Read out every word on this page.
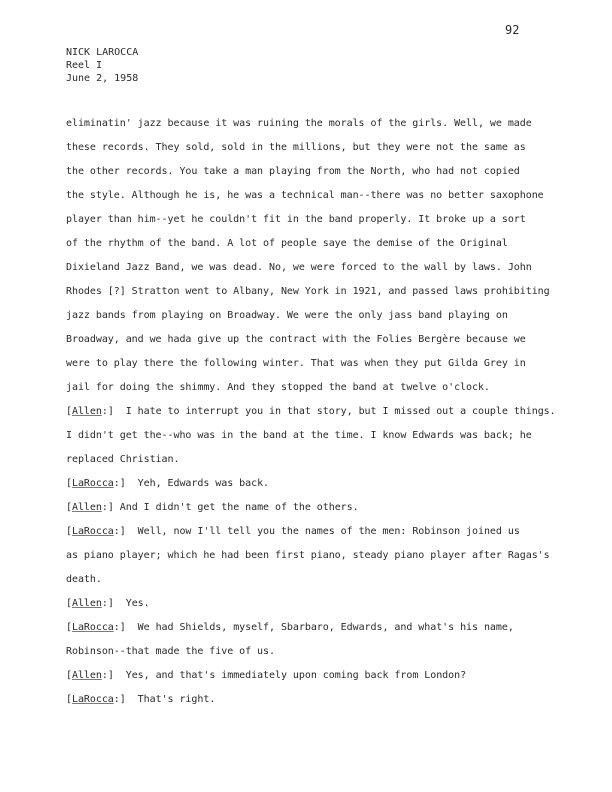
92
NICK LAROCCA
Reel I
June 2, 1958
eliminatin' jazz because it was ruining the morals of the girls. Well, we made
these records. They sold, sold in the millions, but they were not the same as
the other records. You take a man playing from the North, who had not copied
the style. Although he is, he was a technical man--there was no better saxophone
player than him--yet he couldn't fit in the band properly. It broke up a sort
of the rhythm of the band. A lot of people saye the demise of the Original
Dixieland Jazz Band, we was dead. No, we were forced to the wall by laws. John
Rhodes [?] Stratton went to Albany, New York in 1921, and passed laws prohibiting
jazz bands from playing on Broadway. We were the only jass band playing on
Broadway, and we hada give up the contract with the Folies Bergère because we
were to play there the following winter. That was when they put Gilda Grey in
jail for doing the shimmy. And they stopped the band at twelve o'clock.
[Allen:]  I hate to interrupt you in that story, but I missed out a couple things.
I didn't get the--who was in the band at the time. I know Edwards was back; he
replaced Christian.
[LaRocca:]  Yeh, Edwards was back.
[Allen:] And I didn't get the name of the others.
[LaRocca:]  Well, now I'll tell you the names of the men: Robinson joined us
as piano player; which he had been first piano, steady piano player after Ragas's
death.
[Allen:]  Yes.
[LaRocca:]  We had Shields, myself, Sbarbaro, Edwards, and what's his name,
Robinson--that made the five of us.
[Allen:]  Yes, and that's immediately upon coming back from London?
[LaRocca:]  That's right.
